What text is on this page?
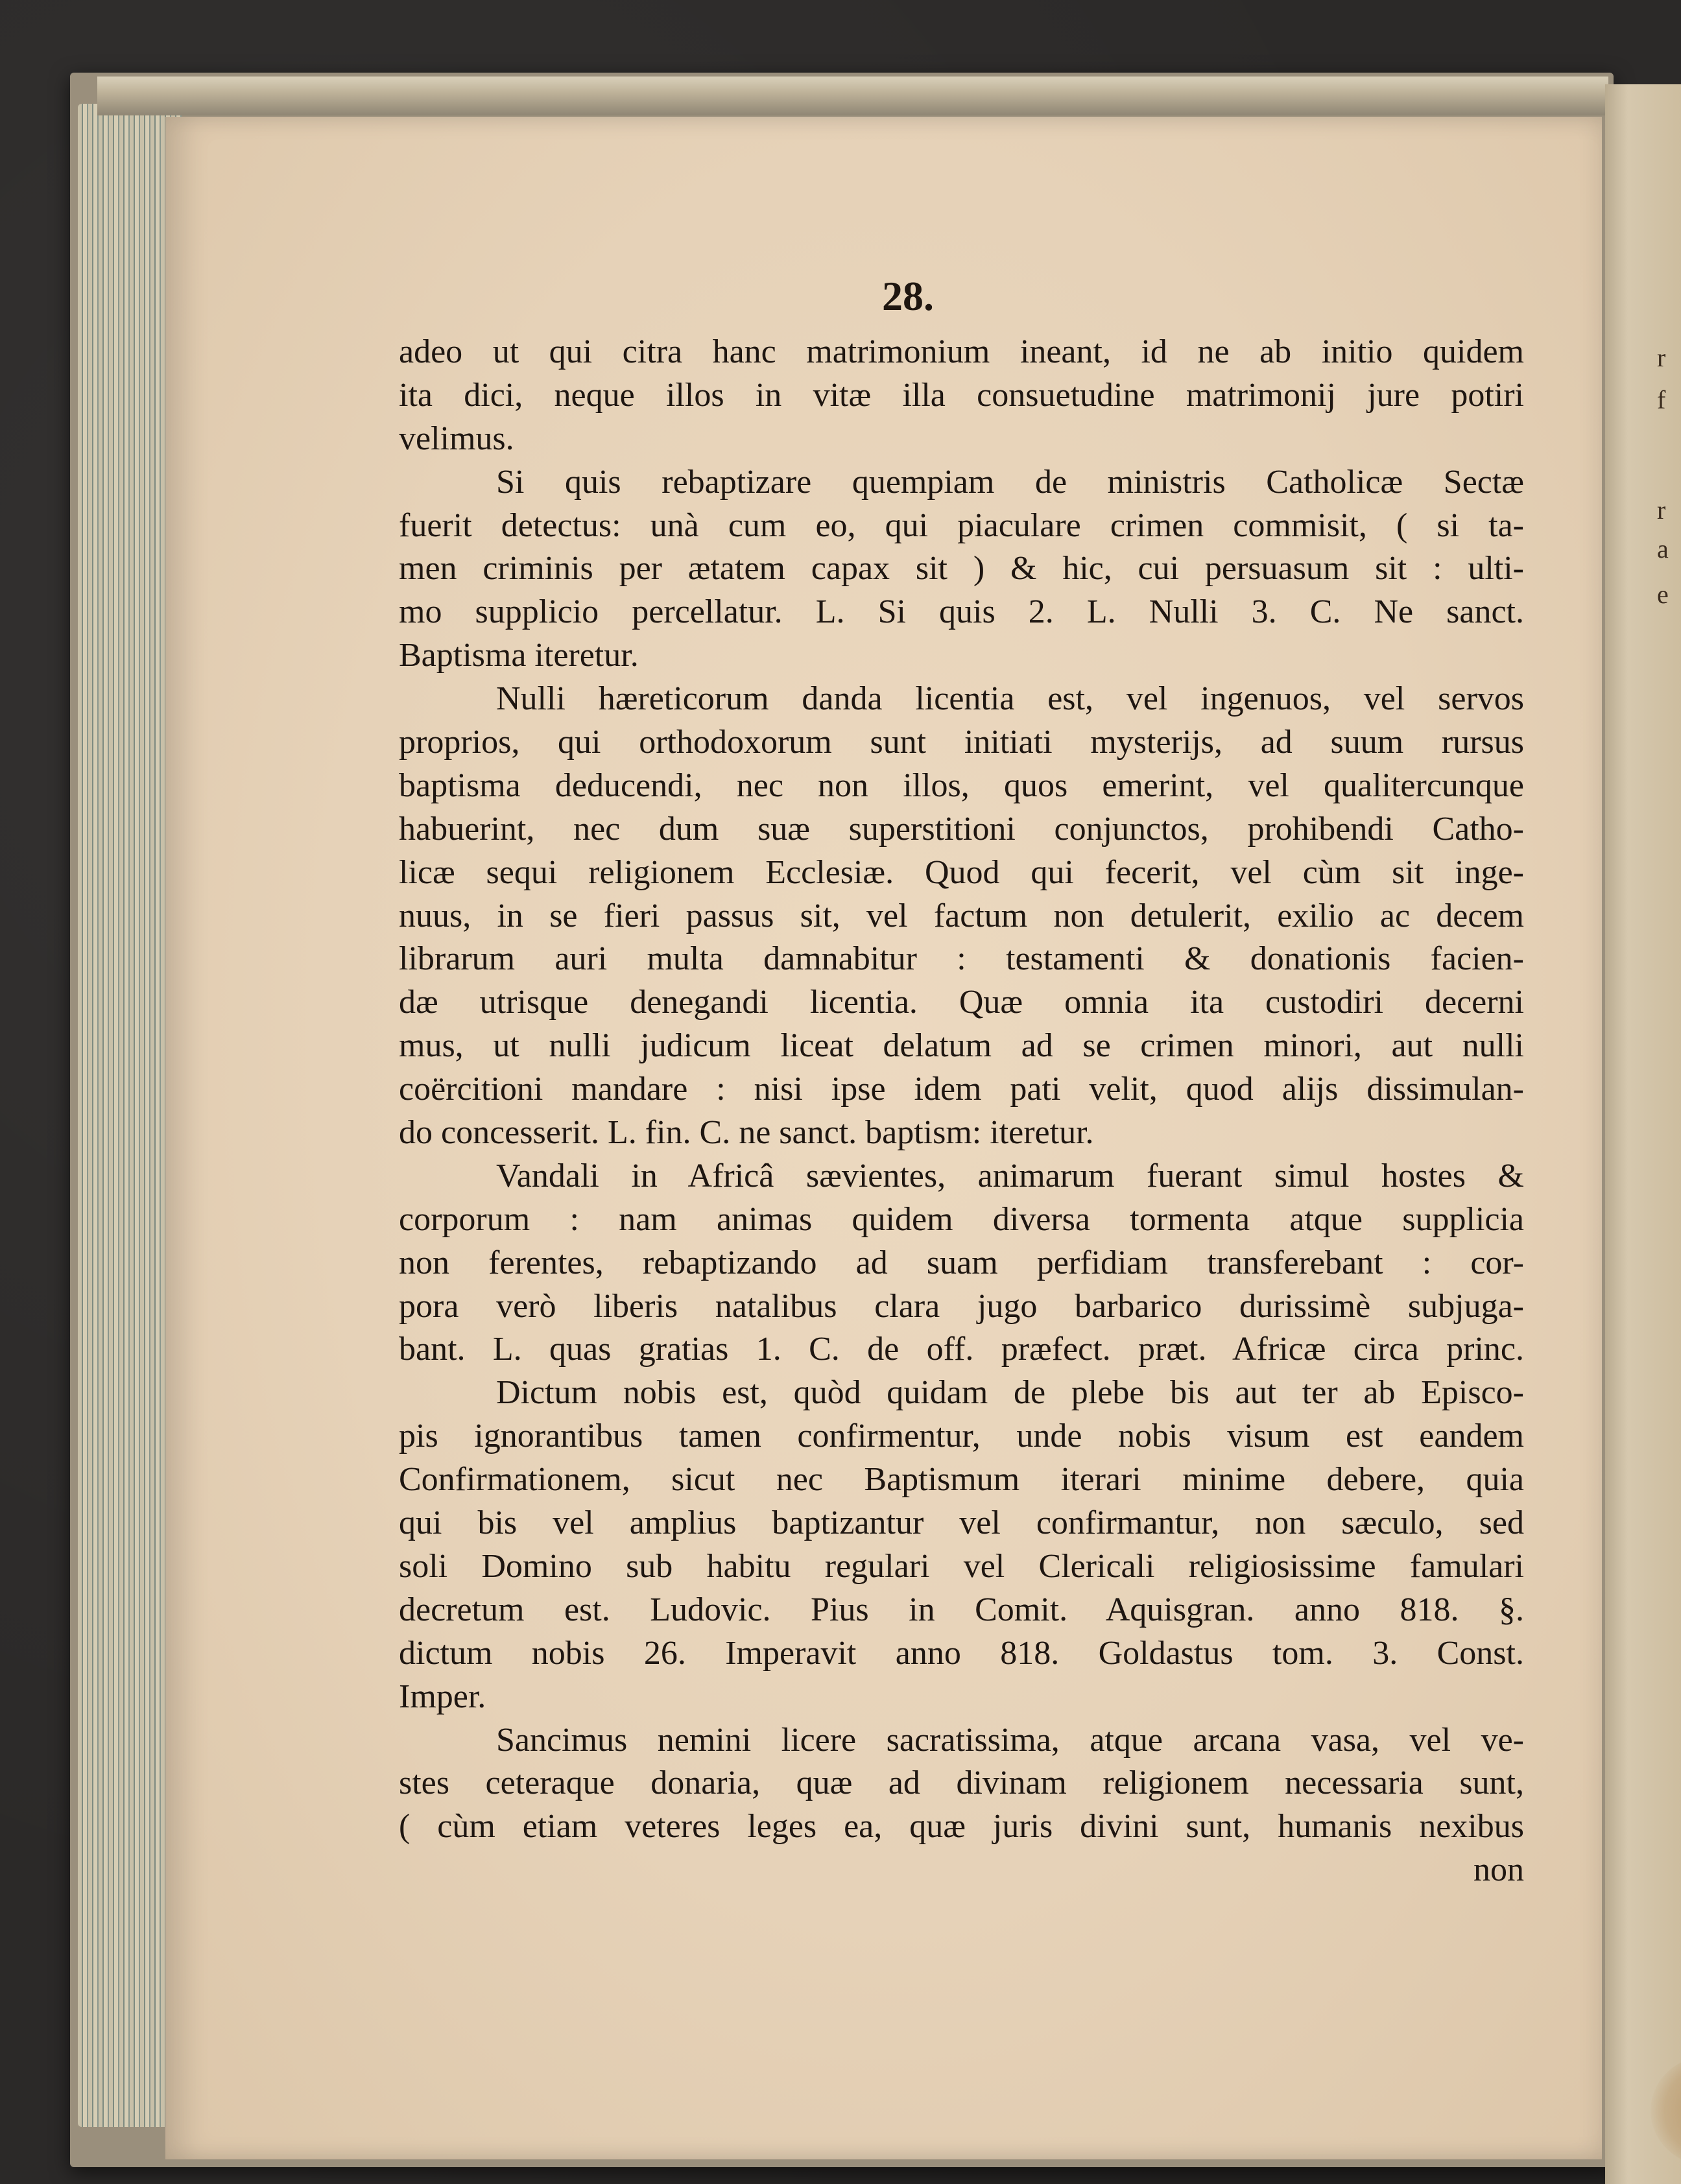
r
f
r
a
e
28.
adeo ut qui citra hanc matrimonium ineant, id ne ab initio quidem
ita dici, neque illos in vitæ illa consuetudine matrimonij jure potiri
velimus.
Si quis rebaptizare quempiam de ministris Catholicæ Sectæ
fuerit detectus: unà cum eo, qui piaculare crimen commisit, ( si ta-
men criminis per ætatem capax sit ) & hic, cui persuasum sit : ulti-
mo supplicio percellatur. L. Si quis 2. L. Nulli 3. C. Ne sanct.
Baptisma iteretur.
Nulli hæreticorum danda licentia est, vel ingenuos, vel servos
proprios, qui orthodoxorum sunt initiati mysterijs, ad suum rursus
baptisma deducendi, nec non illos, quos emerint, vel qualitercunque
habuerint, nec dum suæ superstitioni conjunctos, prohibendi Catho-
licæ sequi religionem Ecclesiæ. Quod qui fecerit, vel cùm sit inge-
nuus, in se fieri passus sit, vel factum non detulerit, exilio ac decem
librarum auri multa damnabitur : testamenti & donationis facien-
dæ utrisque denegandi licentia. Quæ omnia ita custodiri decerni
mus, ut nulli judicum liceat delatum ad se crimen minori, aut nulli
coërcitioni mandare : nisi ipse idem pati velit, quod alijs dissimulan-
do concesserit. L. fin. C. ne sanct. baptism: iteretur.
Vandali in Africâ sævientes, animarum fuerant simul hostes &
corporum : nam animas quidem diversa tormenta atque supplicia
non ferentes, rebaptizando ad suam perfidiam transferebant : cor-
pora verò liberis natalibus clara jugo barbarico durissimè subjuga-
bant. L. quas gratias 1. C. de off. præfect. præt. Africæ circa princ.
Dictum nobis est, quòd quidam de plebe bis aut ter ab Episco-
pis ignorantibus tamen confirmentur, unde nobis visum est eandem
Confirmationem, sicut nec Baptismum iterari minime debere, quia
qui bis vel amplius baptizantur vel confirmantur, non sæculo, sed
soli Domino sub habitu regulari vel Clericali religiosissime famulari
decretum est. Ludovic. Pius in Comit. Aquisgran. anno 818. §.
dictum nobis 26. Imperavit anno 818. Goldastus tom. 3. Const.
Imper.
Sancimus nemini licere sacratissima, atque arcana vasa, vel ve-
stes ceteraque donaria, quæ ad divinam religionem necessaria sunt,
( cùm etiam veteres leges ea, quæ juris divini sunt, humanis nexibus
non
